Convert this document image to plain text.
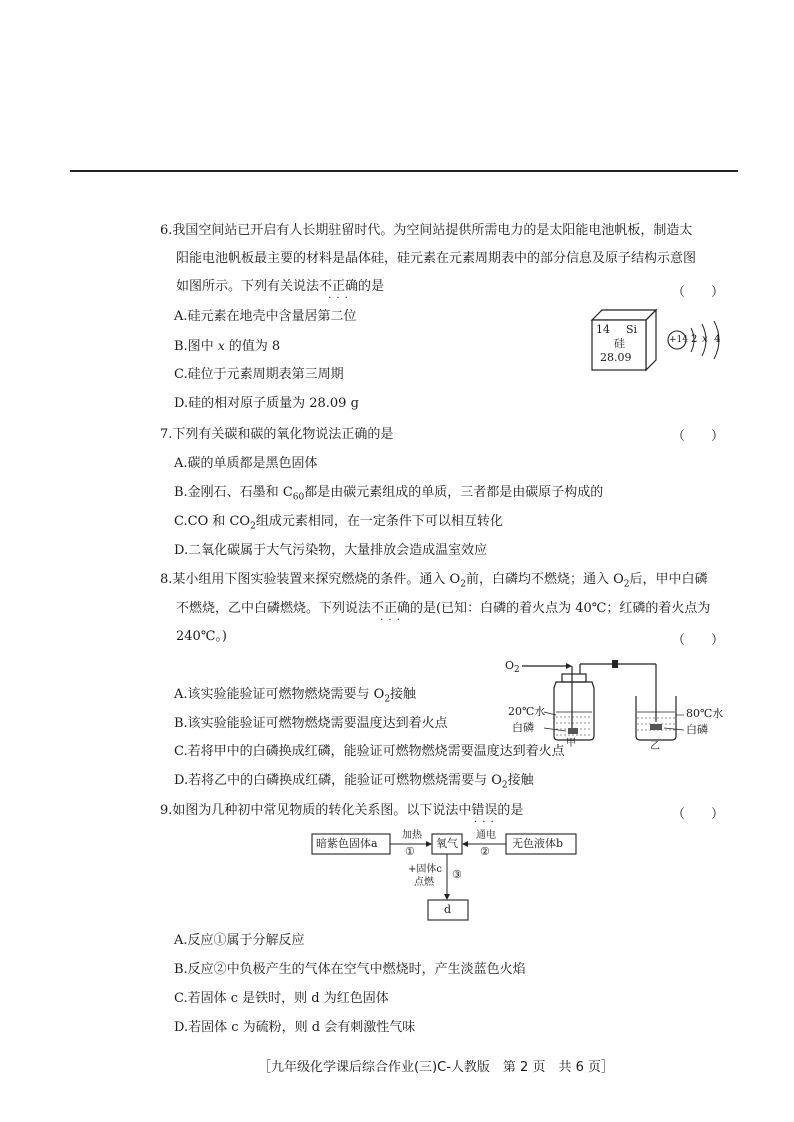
6.我国空间站已开启有人长期驻留时代。为空间站提供所需电力的是太阳能电池帆板，制造太
阳能电池帆板最主要的材料是晶体硅，硅元素在元素周期表中的部分信息及原子结构示意图
如图所示。下列有关说法不正确 · · ·的是	（　　）
A.硅元素在地壳中含量居第二位
B.图中 x 的值为 8
C.硅位于元素周期表第三周期
D.硅的相对原子质量为 28.09 g
14 Si
硅
28.09
+14 2 x 4
7.下列有关碳和碳的氧化物说法正确的是	（　　）
A.碳的单质都是黑色固体
B.金刚石、石墨和 $C_{60}$都是由碳元素组成的单质，三者都是由碳原子构成的
C.CO 和 $CO_2$组成元素相同，在一定条件下可以相互转化
D.二氧化碳属于大气污染物，大量排放会造成温室效应
8.某小组用下图实验装置来探究燃烧的条件。通入 $O_2$前，白磷均不燃烧；通入 $O_2$后，甲中白磷
不燃烧，乙中白磷燃烧。下列说法不正确 · · ·的是(已知：白磷的着火点为 40℃；红磷的着火点为
240℃。)	（　　）
A.该实验能验证可燃物燃烧需要与 $O_2$接触
B.该实验能验证可燃物燃烧需要温度达到着火点
C.若将甲中的白磷换成红磷，能验证可燃物燃烧需要温度达到着火点
D.若将乙中的白磷换成红磷，能验证可燃物燃烧需要与 $O_2$接触
$O_2$
20℃水
白磷
甲
80℃水
白磷
乙
9.如图为几种初中常见物质的转化关系图。以下说法中错误 · · ·的是	（　　）
暗紫色固体a	氧气	无色液体b
d
加热
①
通电
②
+固体c
点燃
③
A.反应①属于分解反应
B.反应②中负极产生的气体在空气中燃烧时，产生淡蓝色火焰
C.若固体 c 是铁时，则 d 为红色固体
D.若固体 c 为硫粉，则 d 会有刺激性气味
［九年级化学课后综合作业(三)C-人教版　第 2 页　共 6 页］
